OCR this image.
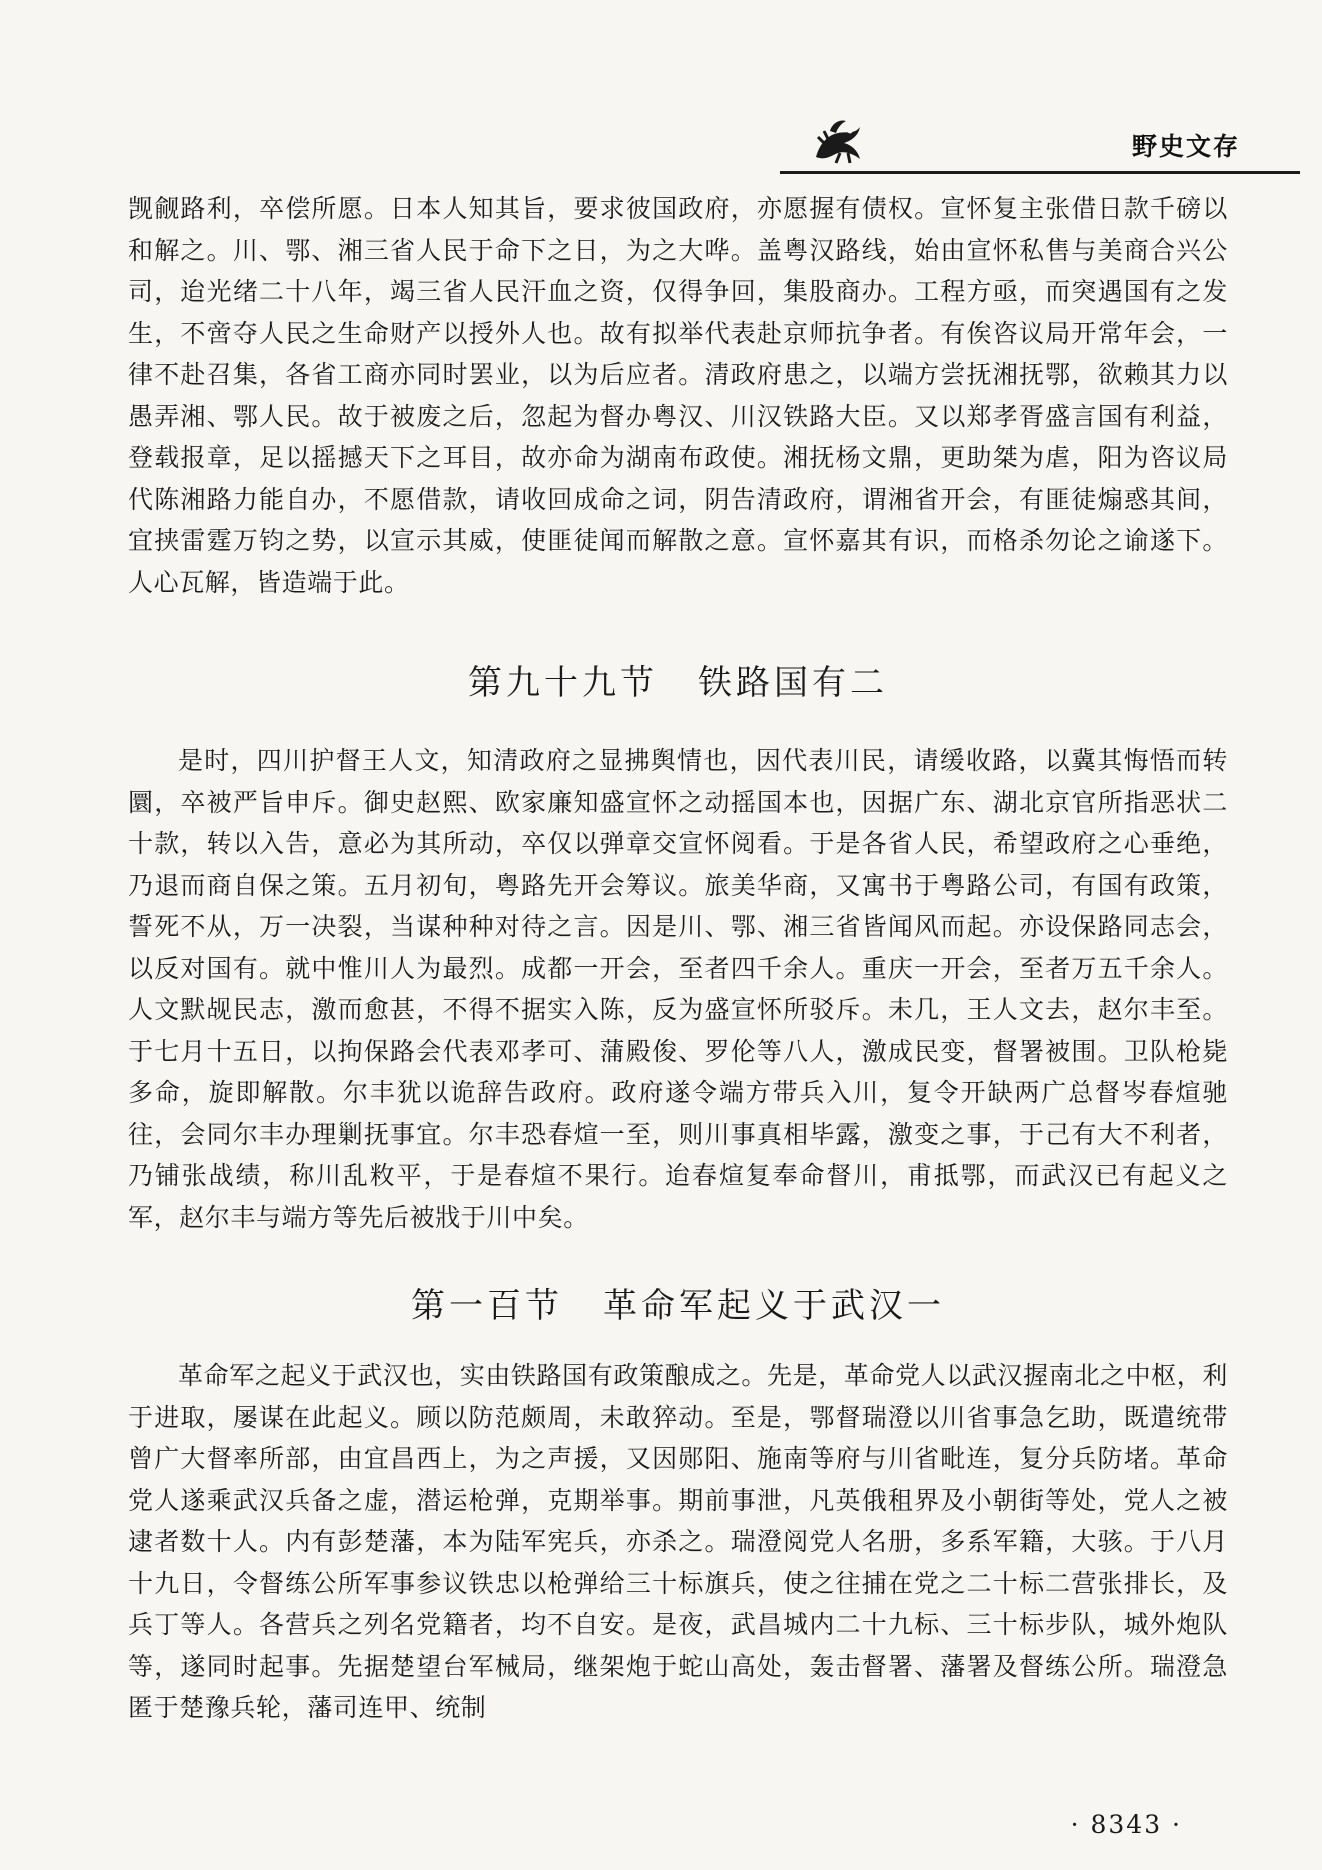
野史文存

觊觎路利，卒偿所愿。日本人知其旨，要求彼国政府，亦愿握有债权。宣怀复主张借日款千磅以和解之。川、鄂、湘三省人民于命下之日，为之大哗。盖粤汉路线，始由宣怀私售与美商合兴公司，迨光绪二十八年，竭三省人民汗血之资，仅得争回，集股商办。工程方亟，而突遇国有之发生，不啻夺人民之生命财产以授外人也。故有拟举代表赴京师抗争者。有俟咨议局开常年会，一律不赴召集，各省工商亦同时罢业，以为后应者。清政府患之，以端方尝抚湘抚鄂，欲赖其力以愚弄湘、鄂人民。故于被废之后，忽起为督办粤汉、川汉铁路大臣。又以郑孝胥盛言国有利益，登载报章，足以摇撼天下之耳目，故亦命为湖南布政使。湘抚杨文鼎，更助桀为虐，阳为咨议局代陈湘路力能自办，不愿借款，请收回成命之词，阴告清政府，谓湘省开会，有匪徒煽惑其间，宜挟雷霆万钧之势，以宣示其威，使匪徒闻而解散之意。宣怀嘉其有识，而格杀勿论之谕遂下。人心瓦解，皆造端于此。

第九十九节 铁路国有二

是时，四川护督王人文，知清政府之显拂舆情也，因代表川民，请缓收路，以冀其悔悟而转圜，卒被严旨申斥。御史赵熙、欧家廉知盛宣怀之动摇国本也，因据广东、湖北京官所指恶状二十款，转以入告，意必为其所动，卒仅以弹章交宣怀阅看。于是各省人民，希望政府之心垂绝，乃退而商自保之策。五月初旬，粤路先开会筹议。旅美华商，又寓书于粤路公司，有国有政策，誓死不从，万一决裂，当谋种种对待之言。因是川、鄂、湘三省皆闻风而起。亦设保路同志会，以反对国有。就中惟川人为最烈。成都一开会，至者四千余人。重庆一开会，至者万五千余人。人文默觇民志，激而愈甚，不得不据实入陈，反为盛宣怀所驳斥。未几，王人文去，赵尔丰至。于七月十五日，以拘保路会代表邓孝可、蒲殿俊、罗伦等八人，激成民变，督署被围。卫队枪毙多命，旋即解散。尔丰犹以诡辞告政府。政府遂令端方带兵入川，复令开缺两广总督岑春煊驰往，会同尔丰办理剿抚事宜。尔丰恐春煊一至，则川事真相毕露，激变之事，于己有大不利者，乃铺张战绩，称川乱敉平，于是春煊不果行。迨春煊复奉命督川，甫抵鄂，而武汉已有起义之军，赵尔丰与端方等先后被戕于川中矣。

第一百节 革命军起义于武汉一

革命军之起义于武汉也，实由铁路国有政策酿成之。先是，革命党人以武汉握南北之中枢，利于进取，屡谋在此起义。顾以防范颇周，未敢猝动。至是，鄂督瑞澄以川省事急乞助，既遣统带曾广大督率所部，由宜昌西上，为之声援，又因郧阳、施南等府与川省毗连，复分兵防堵。革命党人遂乘武汉兵备之虚，潜运枪弹，克期举事。期前事泄，凡英俄租界及小朝街等处，党人之被逮者数十人。内有彭楚藩，本为陆军宪兵，亦杀之。瑞澄阅党人名册，多系军籍，大骇。于八月十九日，令督练公所军事参议铁忠以枪弹给三十标旗兵，使之往捕在党之二十标二营张排长，及兵丁等人。各营兵之列名党籍者，均不自安。是夜，武昌城内二十九标、三十标步队，城外炮队等，遂同时起事。先据楚望台军械局，继架炮于蛇山高处，轰击督署、藩署及督练公所。瑞澄急匿于楚豫兵轮，藩司连甲、统制

· 8343 ·
